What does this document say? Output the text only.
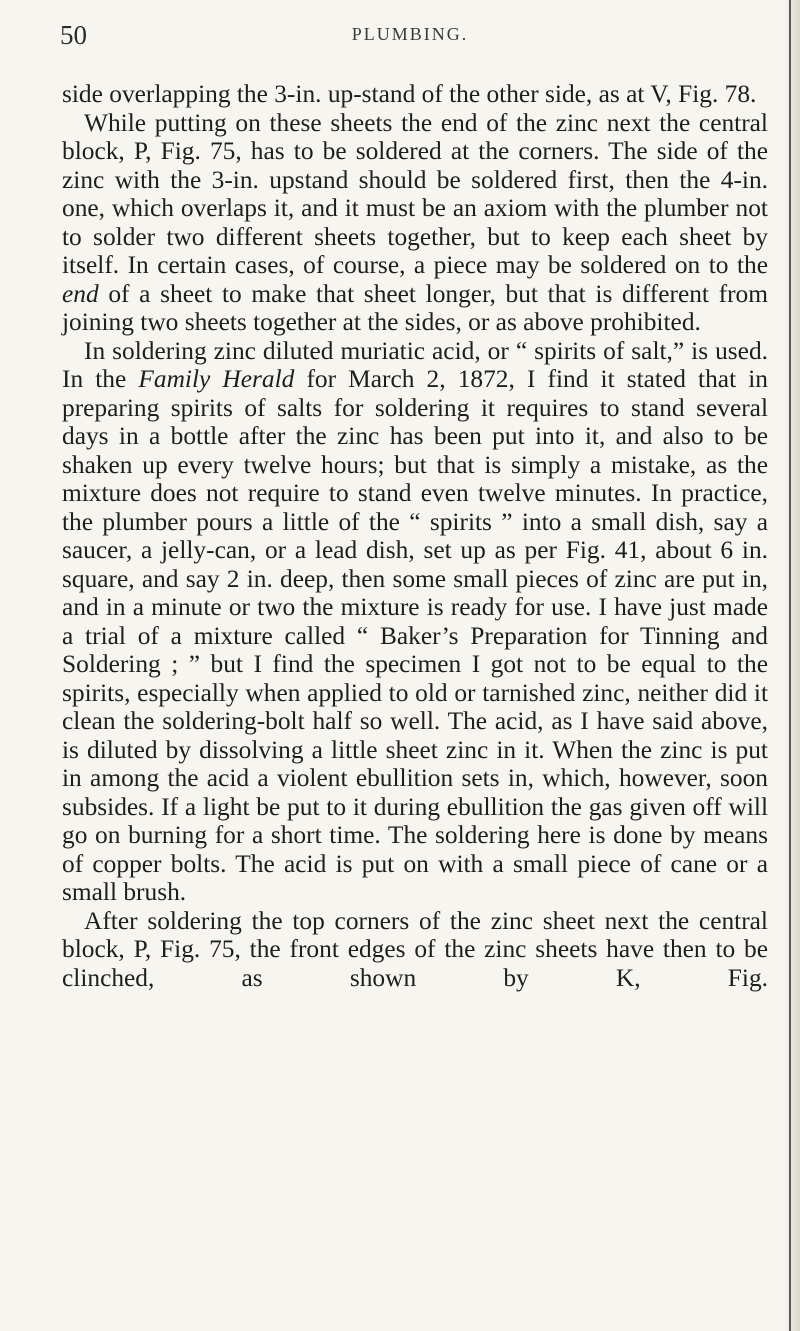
50	PLUMBING.

side overlapping the 3-in. up-stand of the other side, as at V, Fig. 78.

While putting on these sheets the end of the zinc next the central block, P, Fig. 75, has to be soldered at the corners. The side of the zinc with the 3-in. upstand should be soldered first, then the 4-in. one, which overlaps it, and it must be an axiom with the plumber not to solder two different sheets together, but to keep each sheet by itself. In certain cases, of course, a piece may be soldered on to the end of a sheet to make that sheet longer, but that is different from joining two sheets together at the sides, or as above prohibited.

In soldering zinc diluted muriatic acid, or “ spirits of salt,” is used. In the Family Herald for March 2, 1872, I find it stated that in preparing spirits of salts for soldering it requires to stand several days in a bottle after the zinc has been put into it, and also to be shaken up every twelve hours; but that is simply a mistake, as the mixture does not require to stand even twelve minutes. In practice, the plumber pours a little of the “ spirits ” into a small dish, say a saucer, a jelly-can, or a lead dish, set up as per Fig. 41, about 6 in. square, and say 2 in. deep, then some small pieces of zinc are put in, and in a minute or two the mixture is ready for use. I have just made a trial of a mixture called “ Baker’s Preparation for Tinning and Soldering ; ” but I find the specimen I got not to be equal to the spirits, especially when applied to old or tarnished zinc, neither did it clean the soldering-bolt half so well. The acid, as I have said above, is diluted by dissolving a little sheet zinc in it. When the zinc is put in among the acid a violent ebullition sets in, which, however, soon subsides. If a light be put to it during ebullition the gas given off will go on burning for a short time. The soldering here is done by means of copper bolts. The acid is put on with a small piece of cane or a small brush.

After soldering the top corners of the zinc sheet next the central block, P, Fig. 75, the front edges of the zinc sheets have then to be clinched, as shown by K, Fig.
